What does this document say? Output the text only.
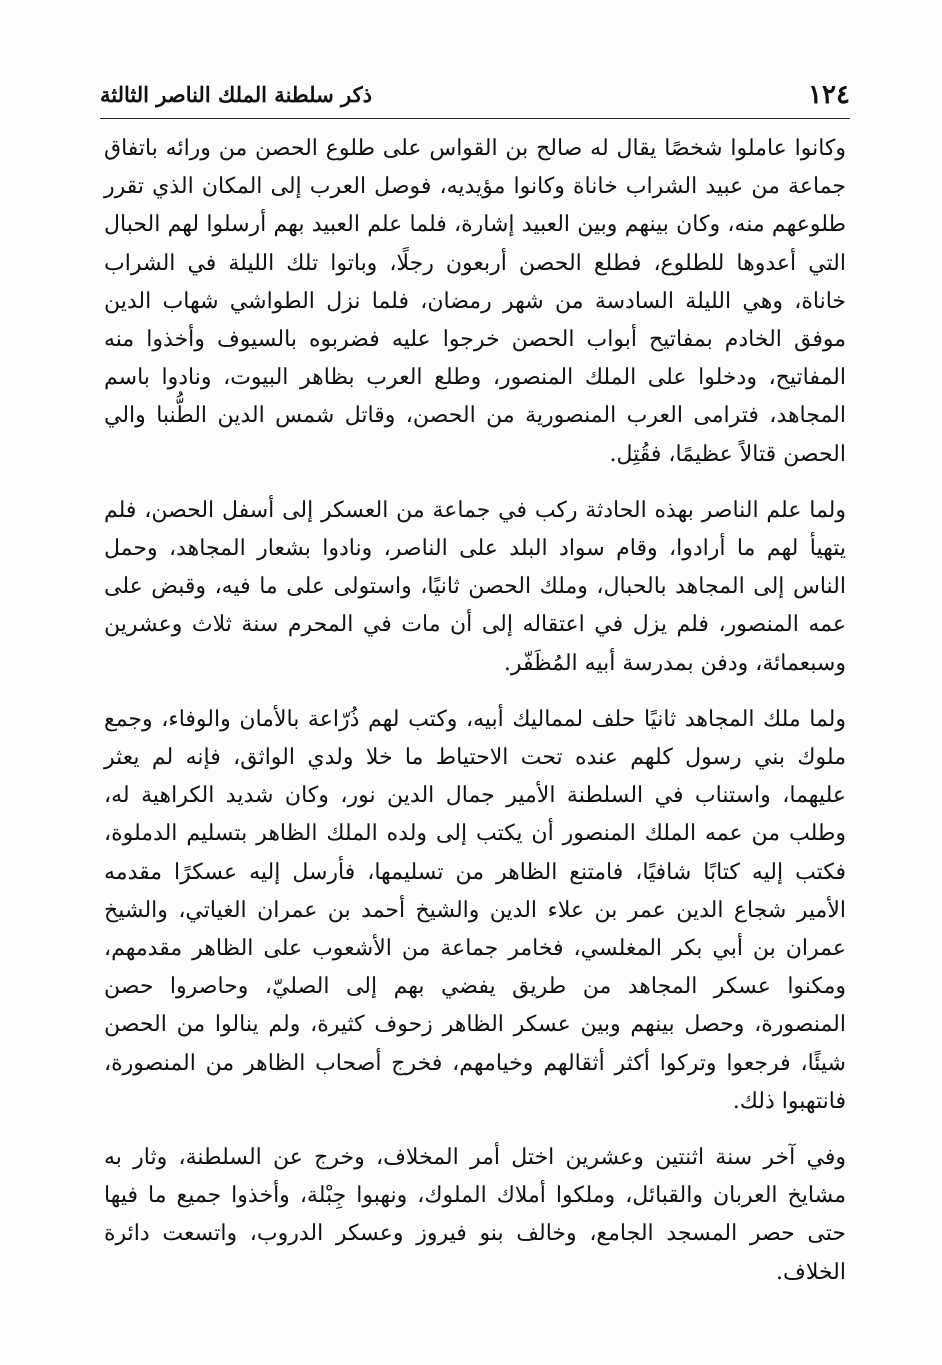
١٢٤
ذكر سلطنة الملك الناصر الثالثة

وكانوا عاملوا شخصًا يقال له صالح بن القواس على طلوع الحصن من ورائه باتفاق جماعة من عبيد الشراب خاناة وكانوا مؤيديه، فوصل العرب إلى المكان الذي تقرر طلوعهم منه، وكان بينهم وبين العبيد إشارة، فلما علم العبيد بهم أرسلوا لهم الحبال التي أعدوها للطلوع، فطلع الحصن أربعون رجلًا، وباتوا تلك الليلة في الشراب خاناة، وهي الليلة السادسة من شهر رمضان، فلما نزل الطواشي شهاب الدين موفق الخادم بمفاتيح أبواب الحصن خرجوا عليه فضربوه بالسيوف وأخذوا منه المفاتيح، ودخلوا على الملك المنصور، وطلع العرب بظاهر البيوت، ونادوا باسم المجاهد، فترامى العرب المنصورية من الحصن، وقاتل شمس الدين الطُّنبا والي الحصن قتالاً عظيمًا، فقُتِل.

ولما علم الناصر بهذه الحادثة ركب في جماعة من العسكر إلى أسفل الحصن، فلم يتهيأ لهم ما أرادوا، وقام سواد البلد على الناصر، ونادوا بشعار المجاهد، وحمل الناس إلى المجاهد بالحبال، وملك الحصن ثانيًا، واستولى على ما فيه، وقبض على عمه المنصور، فلم يزل في اعتقاله إلى أن مات في المحرم سنة ثلاث وعشرين وسبعمائة، ودفن بمدرسة أبيه المُظَفّر.

ولما ملك المجاهد ثانيًا حلف لمماليك أبيه، وكتب لهم ذُرّاعة بالأمان والوفاء، وجمع ملوك بني رسول كلهم عنده تحت الاحتياط ما خلا ولدي الواثق، فإنه لم يعثر عليهما، واستناب في السلطنة الأمير جمال الدين نور، وكان شديد الكراهية له، وطلب من عمه الملك المنصور أن يكتب إلى ولده الملك الظاهر بتسليم الدملوة، فكتب إليه كتابًا شافيًا، فامتنع الظاهر من تسليمها، فأرسل إليه عسكرًا مقدمه الأمير شجاع الدين عمر بن علاء الدين والشيخ أحمد بن عمران الغياتي، والشيخ عمران بن أبي بكر المغلسي، فخامر جماعة من الأشعوب على الظاهر مقدمهم، ومكنوا عسكر المجاهد من طريق يفضي بهم إلى الصليّ، وحاصروا حصن المنصورة، وحصل بينهم وبين عسكر الظاهر زحوف كثيرة، ولم ينالوا من الحصن شيئًا، فرجعوا وتركوا أكثر أثقالهم وخيامهم، فخرج أصحاب الظاهر من المنصورة، فانتهبوا ذلك.

وفي آخر سنة اثنتين وعشرين اختل أمر المخلاف، وخرج عن السلطنة، وثار به مشايخ العربان والقبائل، وملكوا أملاك الملوك، ونهبوا جِبْلة، وأخذوا جميع ما فيها حتى حصر المسجد الجامع، وخالف بنو فيروز وعسكر الدروب، واتسعت دائرة الخلاف.
